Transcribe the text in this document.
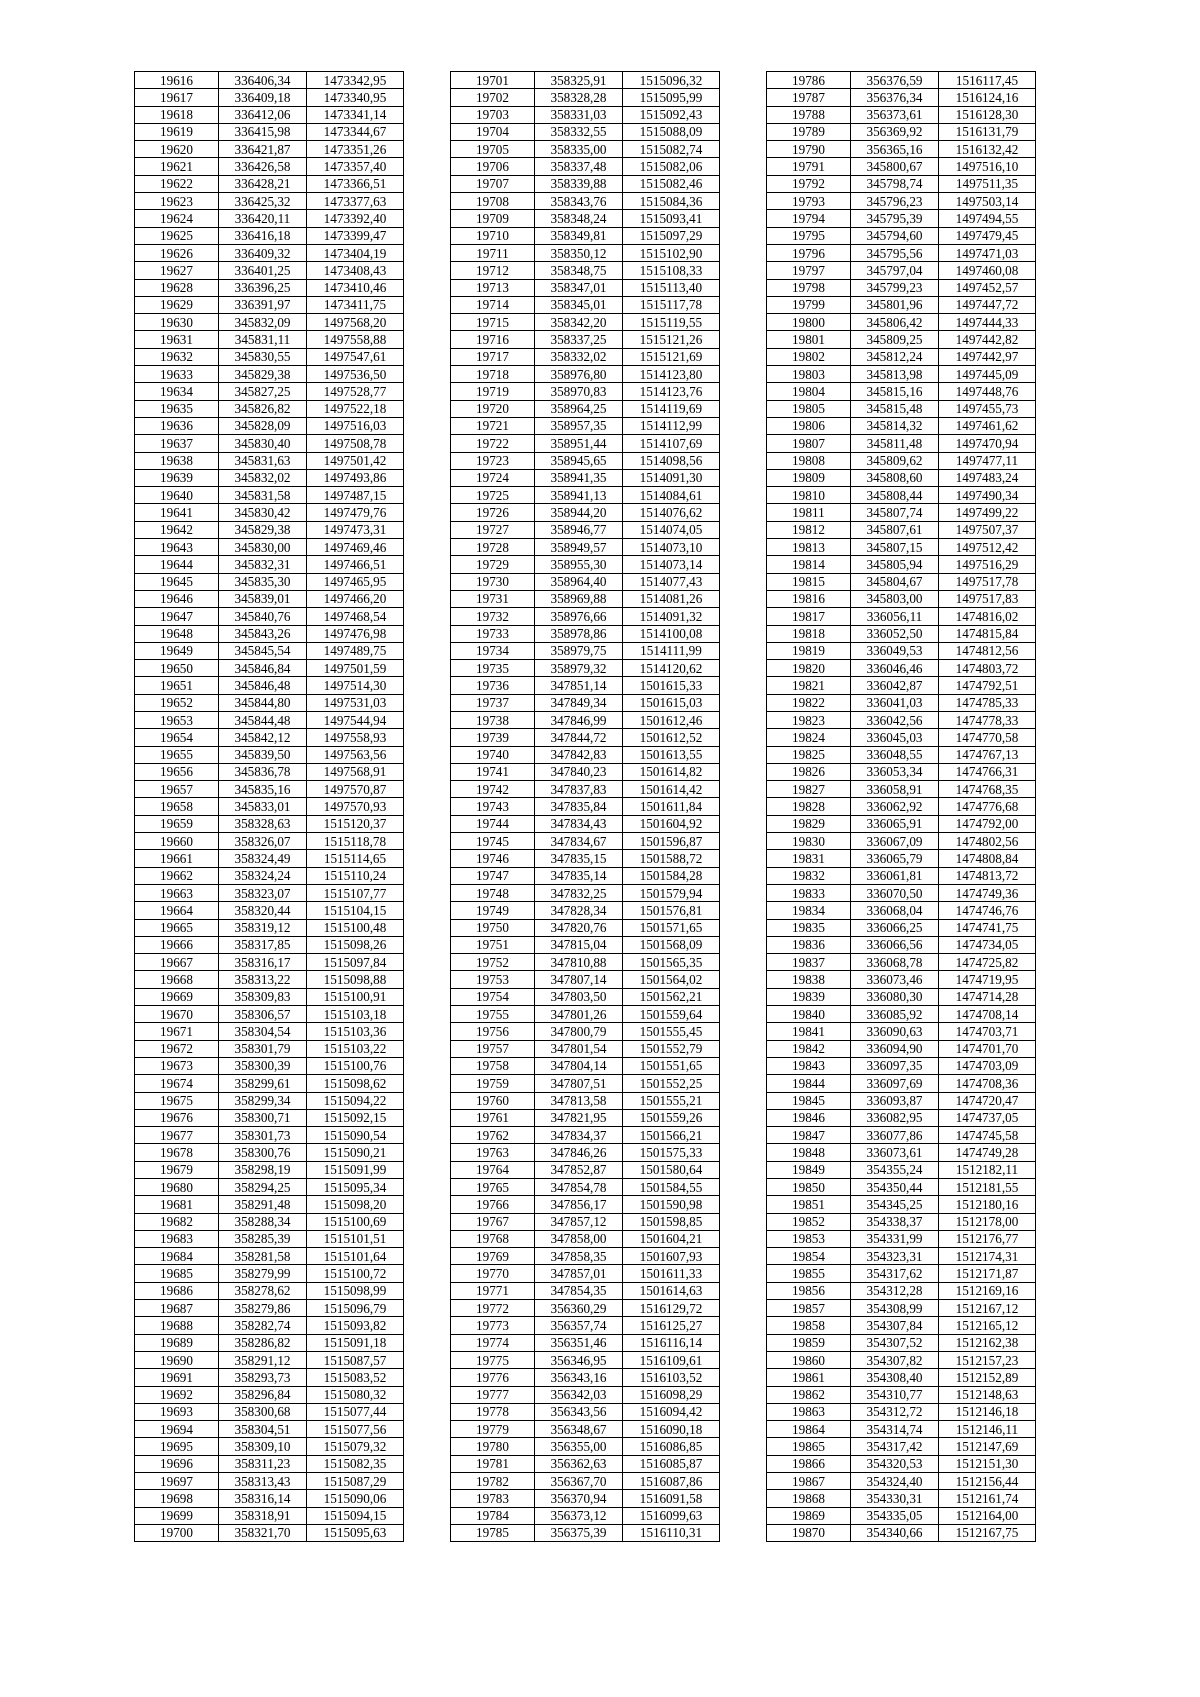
19616	336406,34	1473342,95
19617	336409,18	1473340,95
19618	336412,06	1473341,14
19619	336415,98	1473344,67
19620	336421,87	1473351,26
19621	336426,58	1473357,40
19622	336428,21	1473366,51
19623	336425,32	1473377,63
19624	336420,11	1473392,40
19625	336416,18	1473399,47
19626	336409,32	1473404,19
19627	336401,25	1473408,43
19628	336396,25	1473410,46
19629	336391,97	1473411,75
19630	345832,09	1497568,20
19631	345831,11	1497558,88
19632	345830,55	1497547,61
19633	345829,38	1497536,50
19634	345827,25	1497528,77
19635	345826,82	1497522,18
19636	345828,09	1497516,03
19637	345830,40	1497508,78
19638	345831,63	1497501,42
19639	345832,02	1497493,86
19640	345831,58	1497487,15
19641	345830,42	1497479,76
19642	345829,38	1497473,31
19643	345830,00	1497469,46
19644	345832,31	1497466,51
19645	345835,30	1497465,95
19646	345839,01	1497466,20
19647	345840,76	1497468,54
19648	345843,26	1497476,98
19649	345845,54	1497489,75
19650	345846,84	1497501,59
19651	345846,48	1497514,30
19652	345844,80	1497531,03
19653	345844,48	1497544,94
19654	345842,12	1497558,93
19655	345839,50	1497563,56
19656	345836,78	1497568,91
19657	345835,16	1497570,87
19658	345833,01	1497570,93
19659	358328,63	1515120,37
19660	358326,07	1515118,78
19661	358324,49	1515114,65
19662	358324,24	1515110,24
19663	358323,07	1515107,77
19664	358320,44	1515104,15
19665	358319,12	1515100,48
19666	358317,85	1515098,26
19667	358316,17	1515097,84
19668	358313,22	1515098,88
19669	358309,83	1515100,91
19670	358306,57	1515103,18
19671	358304,54	1515103,36
19672	358301,79	1515103,22
19673	358300,39	1515100,76
19674	358299,61	1515098,62
19675	358299,34	1515094,22
19676	358300,71	1515092,15
19677	358301,73	1515090,54
19678	358300,76	1515090,21
19679	358298,19	1515091,99
19680	358294,25	1515095,34
19681	358291,48	1515098,20
19682	358288,34	1515100,69
19683	358285,39	1515101,51
19684	358281,58	1515101,64
19685	358279,99	1515100,72
19686	358278,62	1515098,99
19687	358279,86	1515096,79
19688	358282,74	1515093,82
19689	358286,82	1515091,18
19690	358291,12	1515087,57
19691	358293,73	1515083,52
19692	358296,84	1515080,32
19693	358300,68	1515077,44
19694	358304,51	1515077,56
19695	358309,10	1515079,32
19696	358311,23	1515082,35
19697	358313,43	1515087,29
19698	358316,14	1515090,06
19699	358318,91	1515094,15
19700	358321,70	1515095,63
19701	358325,91	1515096,32
19702	358328,28	1515095,99
19703	358331,03	1515092,43
19704	358332,55	1515088,09
19705	358335,00	1515082,74
19706	358337,48	1515082,06
19707	358339,88	1515082,46
19708	358343,76	1515084,36
19709	358348,24	1515093,41
19710	358349,81	1515097,29
19711	358350,12	1515102,90
19712	358348,75	1515108,33
19713	358347,01	1515113,40
19714	358345,01	1515117,78
19715	358342,20	1515119,55
19716	358337,25	1515121,26
19717	358332,02	1515121,69
19718	358976,80	1514123,80
19719	358970,83	1514123,76
19720	358964,25	1514119,69
19721	358957,35	1514112,99
19722	358951,44	1514107,69
19723	358945,65	1514098,56
19724	358941,35	1514091,30
19725	358941,13	1514084,61
19726	358944,20	1514076,62
19727	358946,77	1514074,05
19728	358949,57	1514073,10
19729	358955,30	1514073,14
19730	358964,40	1514077,43
19731	358969,88	1514081,26
19732	358976,66	1514091,32
19733	358978,86	1514100,08
19734	358979,75	1514111,99
19735	358979,32	1514120,62
19736	347851,14	1501615,33
19737	347849,34	1501615,03
19738	347846,99	1501612,46
19739	347844,72	1501612,52
19740	347842,83	1501613,55
19741	347840,23	1501614,82
19742	347837,83	1501614,42
19743	347835,84	1501611,84
19744	347834,43	1501604,92
19745	347834,67	1501596,87
19746	347835,15	1501588,72
19747	347835,14	1501584,28
19748	347832,25	1501579,94
19749	347828,34	1501576,81
19750	347820,76	1501571,65
19751	347815,04	1501568,09
19752	347810,88	1501565,35
19753	347807,14	1501564,02
19754	347803,50	1501562,21
19755	347801,26	1501559,64
19756	347800,79	1501555,45
19757	347801,54	1501552,79
19758	347804,14	1501551,65
19759	347807,51	1501552,25
19760	347813,58	1501555,21
19761	347821,95	1501559,26
19762	347834,37	1501566,21
19763	347846,26	1501575,33
19764	347852,87	1501580,64
19765	347854,78	1501584,55
19766	347856,17	1501590,98
19767	347857,12	1501598,85
19768	347858,00	1501604,21
19769	347858,35	1501607,93
19770	347857,01	1501611,33
19771	347854,35	1501614,63
19772	356360,29	1516129,72
19773	356357,74	1516125,27
19774	356351,46	1516116,14
19775	356346,95	1516109,61
19776	356343,16	1516103,52
19777	356342,03	1516098,29
19778	356343,56	1516094,42
19779	356348,67	1516090,18
19780	356355,00	1516086,85
19781	356362,63	1516085,87
19782	356367,70	1516087,86
19783	356370,94	1516091,58
19784	356373,12	1516099,63
19785	356375,39	1516110,31
19786	356376,59	1516117,45
19787	356376,34	1516124,16
19788	356373,61	1516128,30
19789	356369,92	1516131,79
19790	356365,16	1516132,42
19791	345800,67	1497516,10
19792	345798,74	1497511,35
19793	345796,23	1497503,14
19794	345795,39	1497494,55
19795	345794,60	1497479,45
19796	345795,56	1497471,03
19797	345797,04	1497460,08
19798	345799,23	1497452,57
19799	345801,96	1497447,72
19800	345806,42	1497444,33
19801	345809,25	1497442,82
19802	345812,24	1497442,97
19803	345813,98	1497445,09
19804	345815,16	1497448,76
19805	345815,48	1497455,73
19806	345814,32	1497461,62
19807	345811,48	1497470,94
19808	345809,62	1497477,11
19809	345808,60	1497483,24
19810	345808,44	1497490,34
19811	345807,74	1497499,22
19812	345807,61	1497507,37
19813	345807,15	1497512,42
19814	345805,94	1497516,29
19815	345804,67	1497517,78
19816	345803,00	1497517,83
19817	336056,11	1474816,02
19818	336052,50	1474815,84
19819	336049,53	1474812,56
19820	336046,46	1474803,72
19821	336042,87	1474792,51
19822	336041,03	1474785,33
19823	336042,56	1474778,33
19824	336045,03	1474770,58
19825	336048,55	1474767,13
19826	336053,34	1474766,31
19827	336058,91	1474768,35
19828	336062,92	1474776,68
19829	336065,91	1474792,00
19830	336067,09	1474802,56
19831	336065,79	1474808,84
19832	336061,81	1474813,72
19833	336070,50	1474749,36
19834	336068,04	1474746,76
19835	336066,25	1474741,75
19836	336066,56	1474734,05
19837	336068,78	1474725,82
19838	336073,46	1474719,95
19839	336080,30	1474714,28
19840	336085,92	1474708,14
19841	336090,63	1474703,71
19842	336094,90	1474701,70
19843	336097,35	1474703,09
19844	336097,69	1474708,36
19845	336093,87	1474720,47
19846	336082,95	1474737,05
19847	336077,86	1474745,58
19848	336073,61	1474749,28
19849	354355,24	1512182,11
19850	354350,44	1512181,55
19851	354345,25	1512180,16
19852	354338,37	1512178,00
19853	354331,99	1512176,77
19854	354323,31	1512174,31
19855	354317,62	1512171,87
19856	354312,28	1512169,16
19857	354308,99	1512167,12
19858	354307,84	1512165,12
19859	354307,52	1512162,38
19860	354307,82	1512157,23
19861	354308,40	1512152,89
19862	354310,77	1512148,63
19863	354312,72	1512146,18
19864	354314,74	1512146,11
19865	354317,42	1512147,69
19866	354320,53	1512151,30
19867	354324,40	1512156,44
19868	354330,31	1512161,74
19869	354335,05	1512164,00
19870	354340,66	1512167,75
